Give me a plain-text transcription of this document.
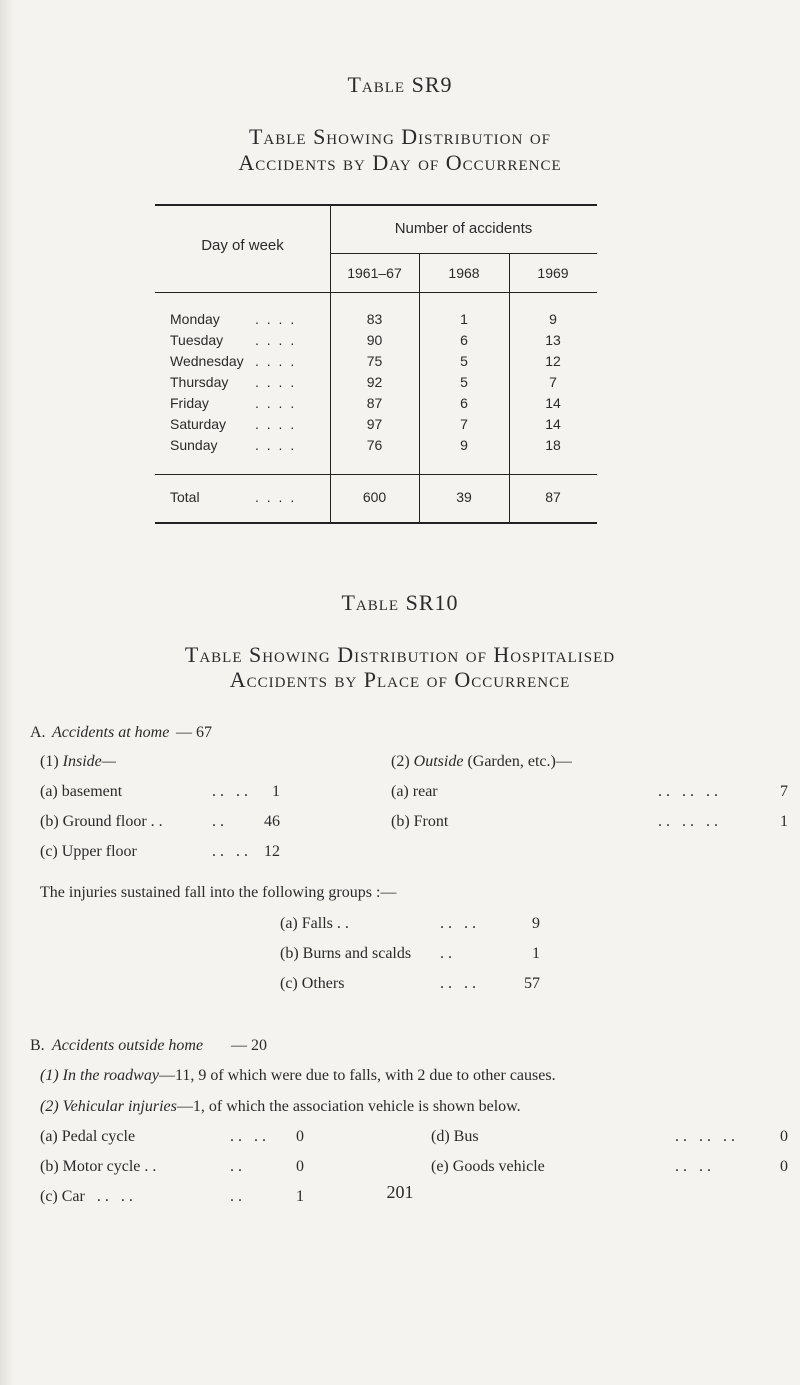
Table SR9
Table Showing Distribution of
Accidents by Day of Occurrence
Day of week
Number of accidents
1961–67	1968	1969
Monday	. . . .	83	1	9
Tuesday . . . .	90	6	13
Wednesday . . . .	75	5	12
Thursday . . . .	92	5	7
Friday	. . . .	87	6	14
Saturday . . . .	97	7	14
Sunday	. . . .	76	9	18
Total	. . . .	600	39	87
Table SR10
Table Showing Distribution of Hospitalised
Accidents by Place of Occurrence
A. Accidents at home — 67
(1) Inside—	(2) Outside (Garden, etc.)—
(a) basement	. .   . .	1
(b) Ground floor . .	. .	46
(c) Upper floor	. .   . .	12
(a) rear	. .   . .   . .	7
(b) Front	. .   . .   . .	1
The injuries sustained fall into the following groups :—
(a) Falls . .	. .   . .	9
(b) Burns and scalds . .	1
(c) Others	. .   . .	57
B. Accidents outside home — 20
(1) In the roadway—11, 9 of which were due to falls, with 2 due to other causes.
(2) Vehicular injuries—1, of which the association vehicle is shown below.
(a) Pedal cycle	. .   . .	0
(b) Motor cycle . .	. .	0
(c) Car   . .   . .	. .	1
(d) Bus	. .   . .   . .	0
(e) Goods vehicle	. .   . .	0
201
